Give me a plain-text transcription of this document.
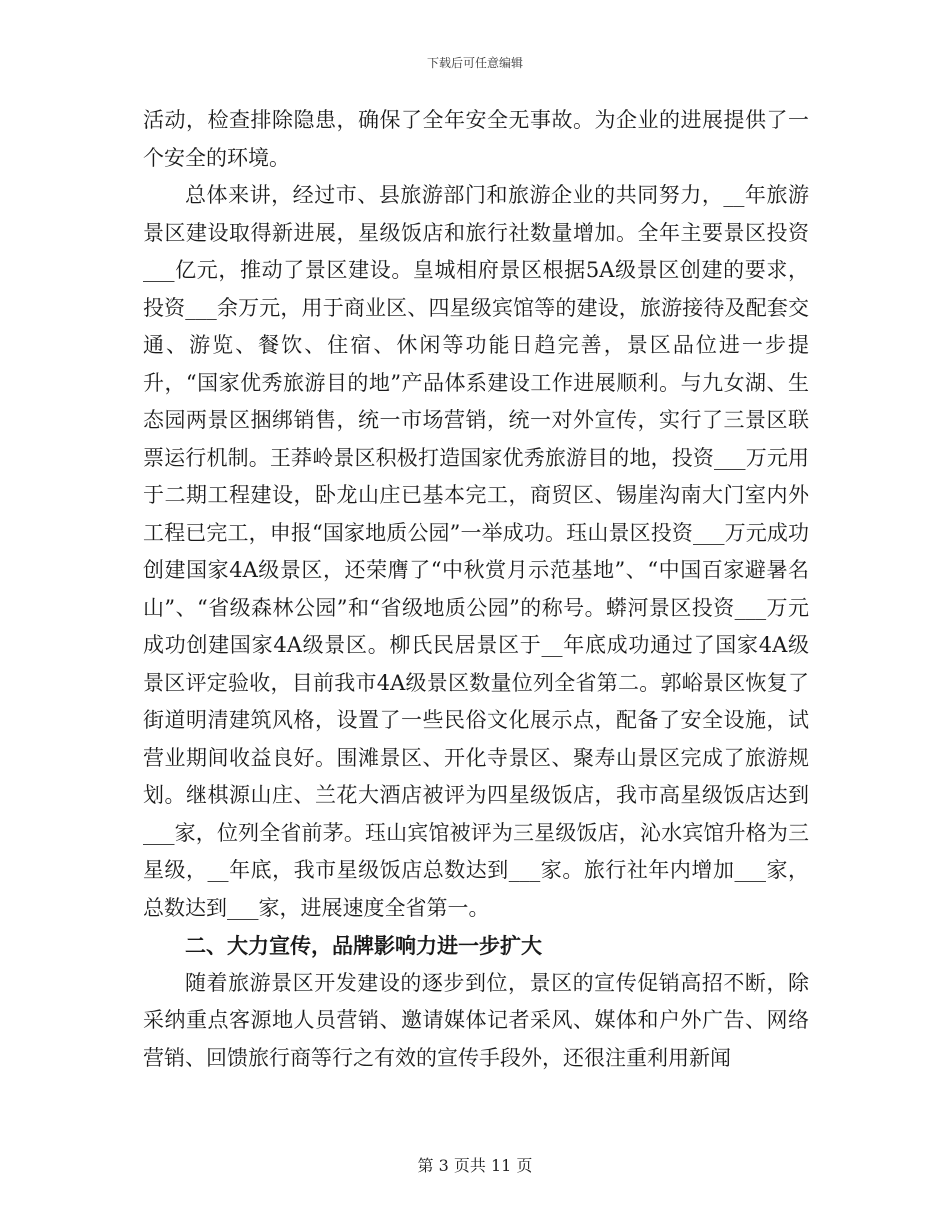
下载后可任意编辑

活动，检查排除隐患，确保了全年安全无事故。为企业的进展提供了一个安全的环境。

总体来讲，经过市、县旅游部门和旅游企业的共同努力，__年旅游景区建设取得新进展，星级饭店和旅行社数量增加。全年主要景区投资___亿元，推动了景区建设。皇城相府景区根据5A级景区创建的要求，投资___余万元，用于商业区、四星级宾馆等的建设，旅游接待及配套交通、游览、餐饮、住宿、休闲等功能日趋完善，景区品位进一步提升，“国家优秀旅游目的地”产品体系建设工作进展顺利。与九女湖、生态园两景区捆绑销售，统一市场营销，统一对外宣传，实行了三景区联票运行机制。王莽岭景区积极打造国家优秀旅游目的地，投资___万元用于二期工程建设，卧龙山庄已基本完工，商贸区、锡崖沟南大门室内外工程已完工，申报“国家地质公园”一举成功。珏山景区投资___万元成功创建国家4A级景区，还荣膺了“中秋赏月示范基地”、“中国百家避暑名山”、“省级森林公园”和“省级地质公园”的称号。蟒河景区投资___万元成功创建国家4A级景区。柳氏民居景区于__年底成功通过了国家4A级景区评定验收，目前我市4A级景区数量位列全省第二。郭峪景区恢复了街道明清建筑风格，设置了一些民俗文化展示点，配备了安全设施，试营业期间收益良好。围滩景区、开化寺景区、聚寿山景区完成了旅游规划。继棋源山庄、兰花大酒店被评为四星级饭店，我市高星级饭店达到___家，位列全省前茅。珏山宾馆被评为三星级饭店，沁水宾馆升格为三星级，__年底，我市星级饭店总数达到___家。旅行社年内增加___家，总数达到___家，进展速度全省第一。

二、大力宣传，品牌影响力进一步扩大

随着旅游景区开发建设的逐步到位，景区的宣传促销高招不断，除采纳重点客源地人员营销、邀请媒体记者采风、媒体和户外广告、网络营销、回馈旅行商等行之有效的宣传手段外，还很注重利用新闻

第 3 页共 11 页
